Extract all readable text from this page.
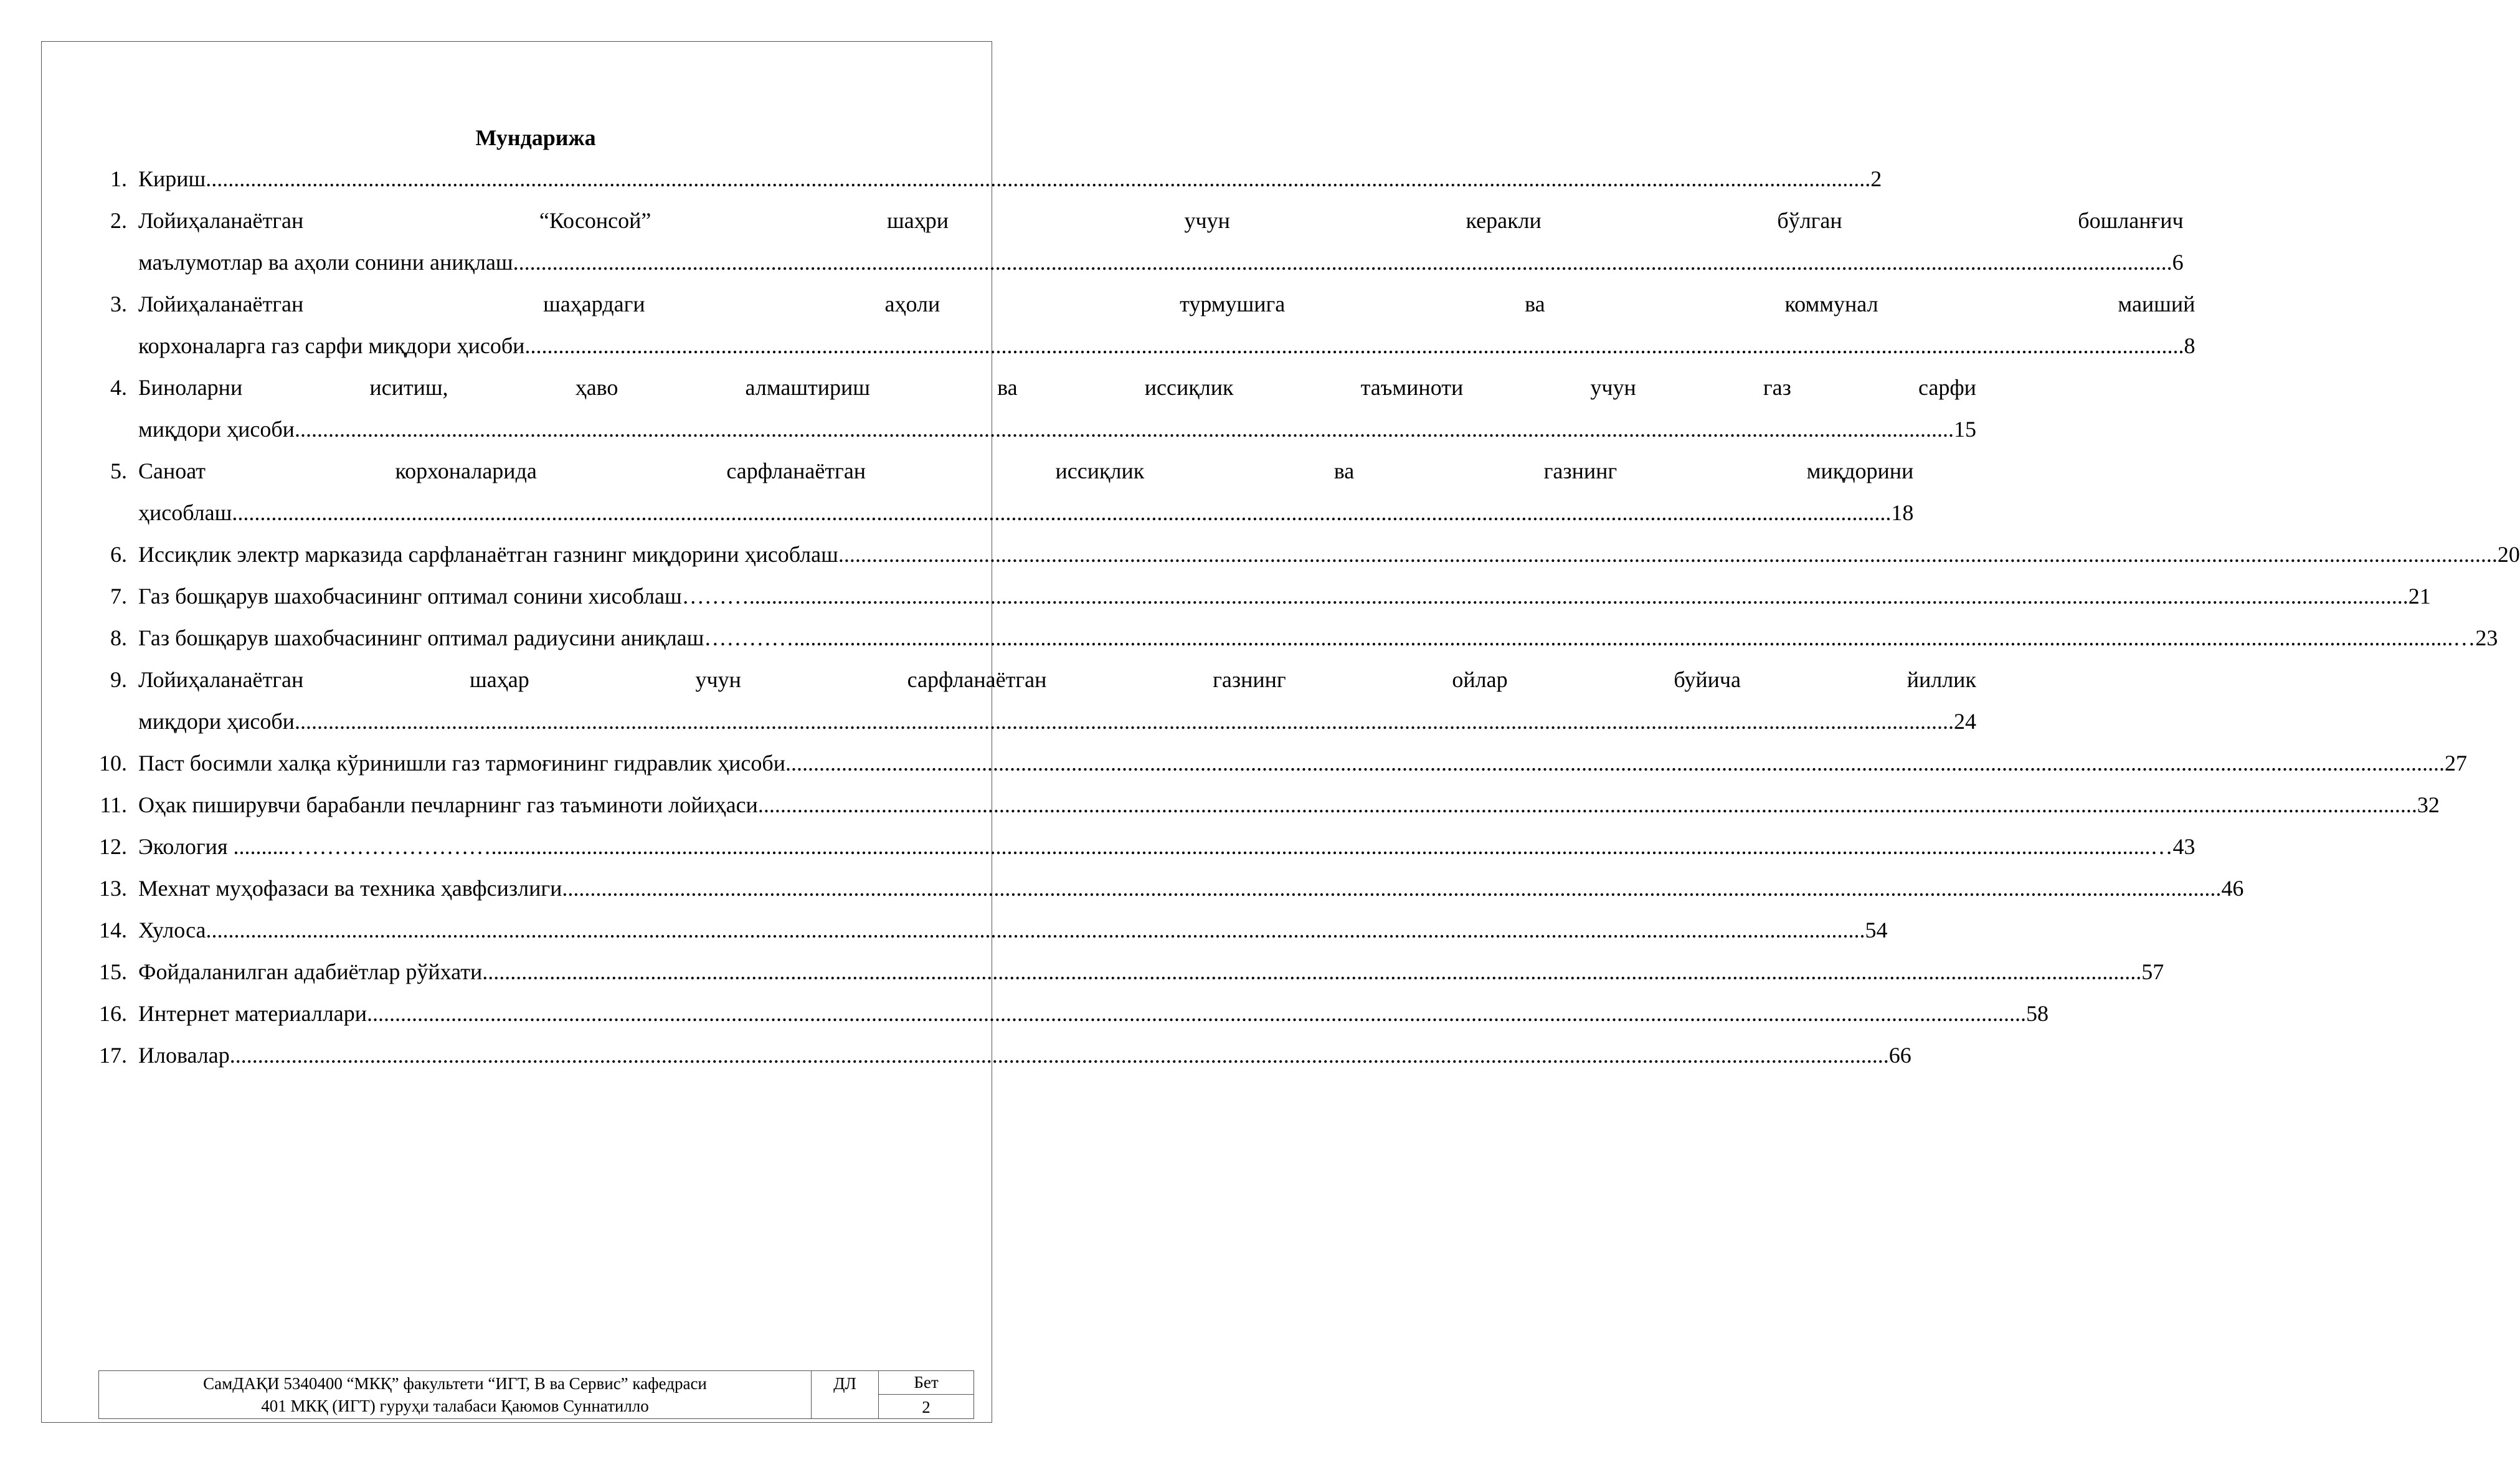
Мундарижа
1. Кириш. .....	2
2. Лойиҳаланаётган “Косонсой” шаҳри учун керакли бўлган бошланғич
маълумотлар ва аҳоли сонини аниқлаш .....	6
3. Лойиҳаланаётган шаҳардаги аҳоли турмушига ва коммунал маиший
корхоналарга газ сарфи миқдори ҳисоби .....	8
4. Биноларни иситиш, ҳаво алмаштириш ва иссиқлик таъминоти учун газ сарфи
миқдори ҳисоби .....	15
5. Саноат корхоналарида сарфланаётган иссиқлик ва газнинг миқдорини
ҳисоблаш .....	18
6. Иссиқлик электр марказида сарфланаётган газнинг миқдорини ҳисоблаш .....	20
7. Газ бошқарув шахобчасининг оптимал сонини хисоблаш……… .....	21
8. Газ бошқарув шахобчасининг оптимал радиусини аниқлаш………… .....	…23
9. Лойиҳаланаётган шаҳар учун сарфланаётган газнинг ойлар буйича йиллик
миқдори ҳисоби .....	24
10. Паст босимли халқа кўринишли газ тармоғининг гидравлик ҳисоби .....	27
11. Оҳак пиширувчи барабанли печларнинг газ таъминоти лойиҳаси .....	32
12. Экология ..........……………………… .....	…43
13. Мехнат муҳофазаси ва техника ҳавфсизлиги .....	46
14. Хулоса .....	54
15. Фойдаланилган адабиётлар рўйхати .....	57
16. Интернет материаллари .....	58
17. Иловалар .....	66
СамДАҚИ 5340400 “МКҚ” факультети “ИГТ, В ва Сервис” кафедраси
401 МКҚ (ИГТ) гуруҳи талабаси Қаюмов Суннатилло
ДЛ	Бет
2
